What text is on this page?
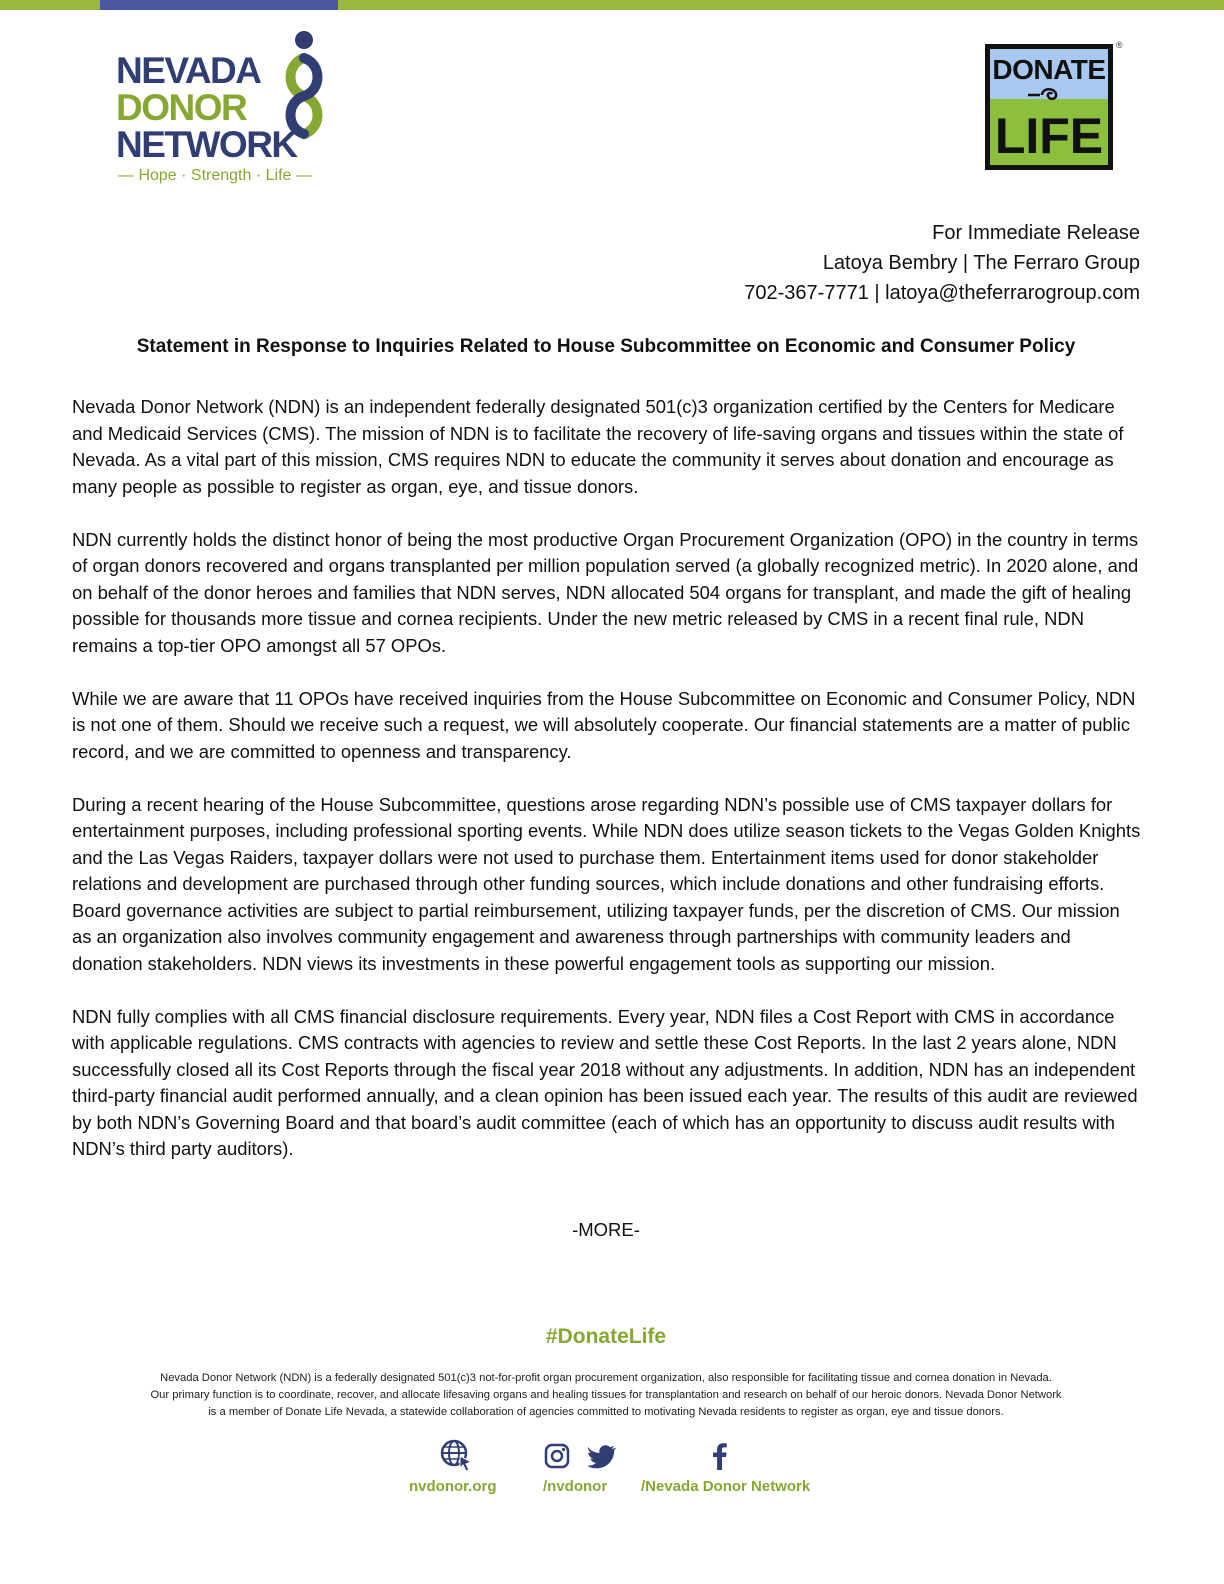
NEVADA
DONOR
NETWORK
— Hope · Strength · Life —
DONATE
LIFE
®
For Immediate Release
Latoya Bembry | The Ferraro Group
702-367-7771 | latoya@theferrarogroup.com
Statement in Response to Inquiries Related to House Subcommittee on Economic and Consumer Policy

Nevada Donor Network (NDN) is an independent federally designated 501(c)3 organization certified by the Centers for Medicare and Medicaid Services (CMS). The mission of NDN is to facilitate the recovery of life-saving organs and tissues within the state of Nevada. As a vital part of this mission, CMS requires NDN to educate the community it serves about donation and encourage as many people as possible to register as organ, eye, and tissue donors.

NDN currently holds the distinct honor of being the most productive Organ Procurement Organization (OPO) in the country in terms of organ donors recovered and organs transplanted per million population served (a globally recognized metric). In 2020 alone, and on behalf of the donor heroes and families that NDN serves, NDN allocated 504 organs for transplant, and made the gift of healing possible for thousands more tissue and cornea recipients. Under the new metric released by CMS in a recent final rule, NDN remains a top-tier OPO amongst all 57 OPOs.

While we are aware that 11 OPOs have received inquiries from the House Subcommittee on Economic and Consumer Policy, NDN is not one of them. Should we receive such a request, we will absolutely cooperate. Our financial statements are a matter of public record, and we are committed to openness and transparency.

During a recent hearing of the House Subcommittee, questions arose regarding NDN’s possible use of CMS taxpayer dollars for entertainment purposes, including professional sporting events. While NDN does utilize season tickets to the Vegas Golden Knights and the Las Vegas Raiders, taxpayer dollars were not used to purchase them. Entertainment items used for donor stakeholder relations and development are purchased through other funding sources, which include donations and other fundraising efforts. Board governance activities are subject to partial reimbursement, utilizing taxpayer funds, per the discretion of CMS. Our mission as an organization also involves community engagement and awareness through partnerships with community leaders and donation stakeholders. NDN views its investments in these powerful engagement tools as supporting our mission.

NDN fully complies with all CMS financial disclosure requirements. Every year, NDN files a Cost Report with CMS in accordance with applicable regulations. CMS contracts with agencies to review and settle these Cost Reports. In the last 2 years alone, NDN successfully closed all its Cost Reports through the fiscal year 2018 without any adjustments. In addition, NDN has an independent third-party financial audit performed annually, and a clean opinion has been issued each year. The results of this audit are reviewed by both NDN’s Governing Board and that board’s audit committee (each of which has an opportunity to discuss audit results with NDN’s third party auditors).

-MORE-
#DonateLife
Nevada Donor Network (NDN) is a federally designated 501(c)3 not-for-profit organ procurement organization, also responsible for facilitating tissue and cornea donation in Nevada.
Our primary function is to coordinate, recover, and allocate lifesaving organs and healing tissues for transplantation and research on behalf of our heroic donors. Nevada Donor Network
is a member of Donate Life Nevada, a statewide collaboration of agencies committed to motivating Nevada residents to register as organ, eye and tissue donors.
nvdonor.org	/nvdonor /Nevada Donor Network
